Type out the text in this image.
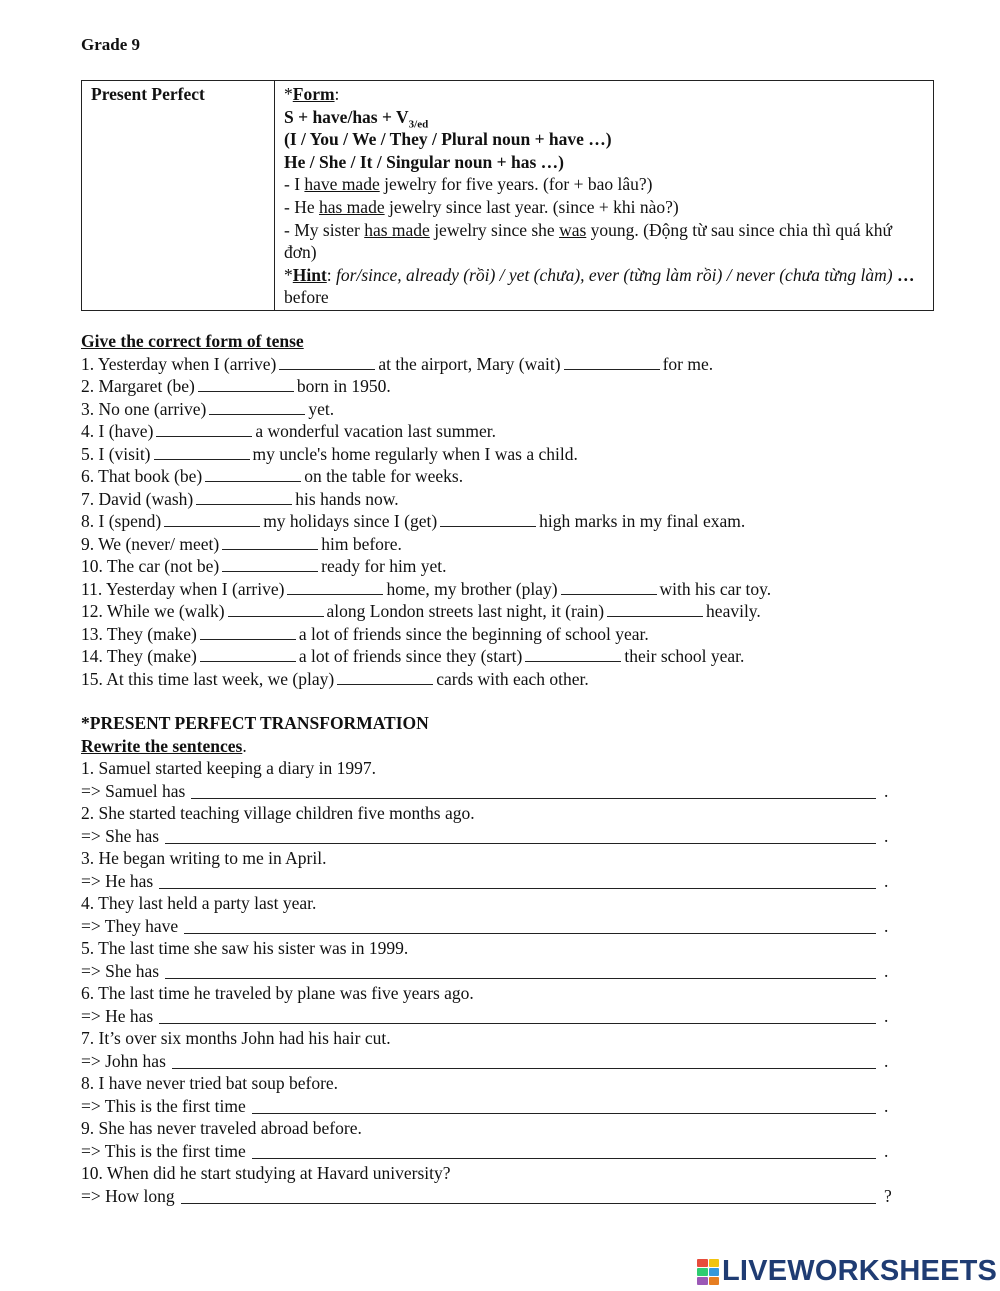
Grade 9
Present Perfect	*Form:
S + have/has + $V_{3/ed}$
(I / You / We / They / Plural noun + have …)
He / She / It / Singular noun + has …)
- I have made jewelry for five years. (for + bao lâu?)
- He has made jewelry since last year. (since + khi nào?)
- My sister has made jewelry since she was young. (Động từ sau since chia thì quá khứ đơn)
*Hint: for/since, already (rồi) / yet (chưa), ever (từng làm rồi) / never (chưa từng làm) … before
Give the correct form of tense
1. Yesterday when I (arrive)	at the airport, Mary (wait)	for me.
2. Margaret (be)	born in 1950.
3. No one (arrive)	yet.
4. I (have)	a wonderful vacation last summer.
5. I (visit)	my uncle's home regularly when I was a child.
6. That book (be)	on the table for weeks.
7. David (wash)	his hands now.
8. I (spend)	my holidays since I (get)	high marks in my final exam.
9. We (never/ meet)	him before.
10. The car (not be)	ready for him yet.
11. Yesterday when I (arrive)	home, my brother (play)	with his car toy.
12. While we (walk)	along London streets last night, it (rain)	heavily.
13. They (make)	a lot of friends since the beginning of school year.
14. They (make)	a lot of friends since they (start)	their school year.
15. At this time last week, we (play)	cards with each other.
*PRESENT PERFECT TRANSFORMATION
Rewrite the sentences.
1. Samuel started keeping a diary in 1997.
=> Samuel has	.
2. She started teaching village children five months ago.
=> She has	.
3. He began writing to me in April.
=> He has	.
4. They last held a party last year.
=> They have	.
5. The last time she saw his sister was in 1999.
=> She has	.
6. The last time he traveled by plane was five years ago.
=> He has	.
7. It’s over six months John had his hair cut.
=> John has	.
8. I have never tried bat soup before.
=> This is the first time	.
9. She has never traveled abroad before.
=> This is the first time	.
10. When did he start studying at Havard university?
=> How long	?
LIVEWORKSHEETS
